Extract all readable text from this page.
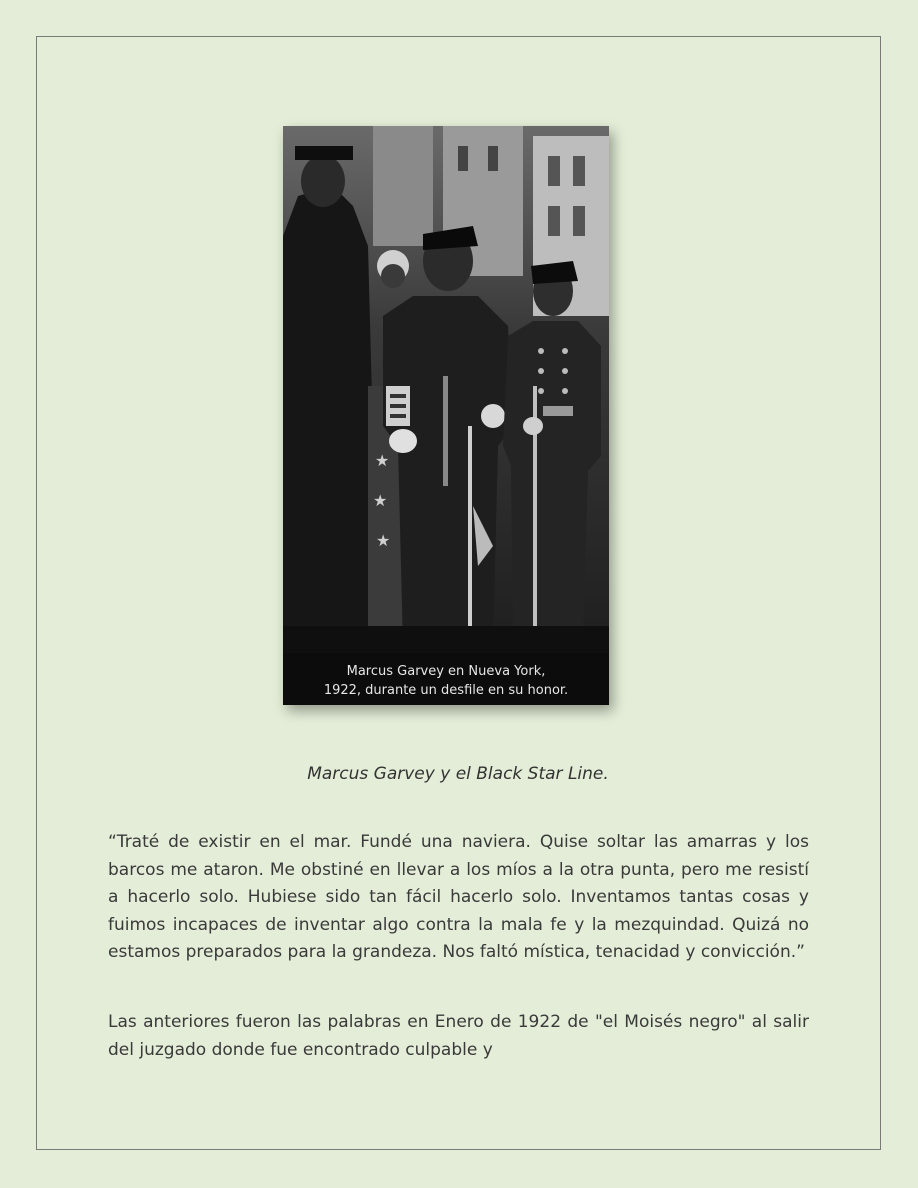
★
★
★
Marcus Garvey en Nueva York,
1922, durante un desfile en su honor.
Marcus Garvey y el Black Star Line.

“Traté de existir en el mar. Fundé una naviera. Quise soltar las amarras y los barcos me ataron. Me obstiné en llevar a los míos a la otra punta, pero me resistí a hacerlo solo. Hubiese sido tan fácil hacerlo solo. Inventamos tantas cosas y fuimos incapaces de inventar algo contra la mala fe y la mezquindad. Quizá no estamos preparados para la grandeza. Nos faltó mística, tenacidad y convicción.”

Las anteriores fueron las palabras en Enero de 1922 de "el Moisés negro" al salir del juzgado donde fue encontrado culpable y
